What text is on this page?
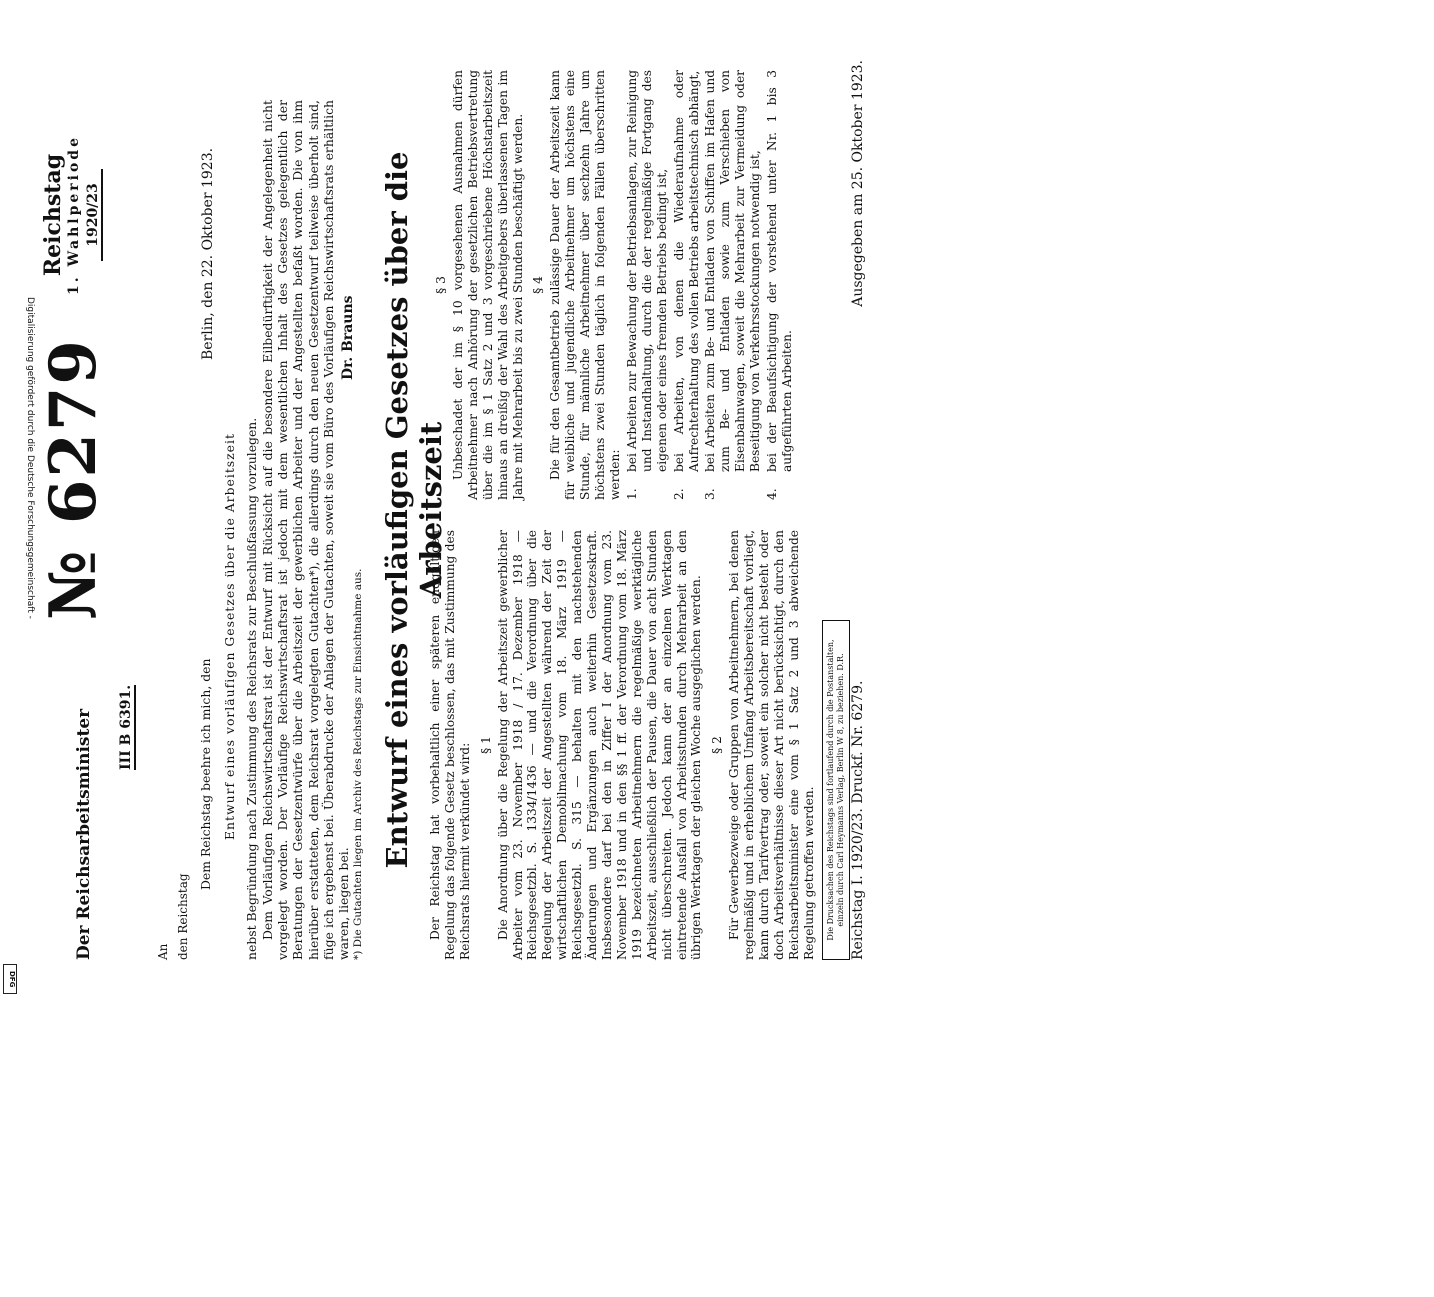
Digitalisierung gefördert durch die Deutsche Forschungsgemeinschaft -
DFG
№ 6279
Reichstag 1. Wahlperiode 1920/23
Der Reichsarbeitsminister III B 6391.
An den Reichstag
Berlin, den 22. Oktober 1923.
Dem Reichstag beehre ich mich, den Entwurf eines vorläufigen Gesetzes über die Arbeitszeit nebst Begründung nach Zustimmung des Reichsrats zur Beschlußfassung vorzulegen. Dem Vorläufigen Reichswirtschaftsrat ist der Entwurf mit Rücksicht auf die besondere Eilbedürftigkeit der Angelegenheit nicht vorgelegt worden. Der Vorläufige Reichswirtschaftsrat ist jedoch mit dem wesentlichen Inhalt des Gesetzes gelegentlich der Beratungen der Gesetzentwürfe über die Arbeitszeit der gewerblichen Arbeiter und der Angestellten befaßt worden. Die von ihm hierüber erstatteten, dem Reichsrat vorgelegten Gutachten*), die allerdings durch den neuen Gesetzentwurf teilweise überholt sind, füge ich ergebenst bei. Überabdrucke der Anlagen der Gutachten, soweit sie vom Büro des Vorläufigen Reichswirtschaftsrats erhältlich waren, liegen bei.
Dr. Brauns
*) Die Gutachten liegen im Archiv des Reichstags zur Einsichtnahme aus. Entwurf eines vorläufigen Gesetzes über die Arbeitszeit
Der Reichstag hat vorbehaltlich einer späteren endgültigen Regelung das folgende Gesetz beschlossen, das mit Zustimmung des Reichsrats hiermit verkündet wird: § 1 Die Anordnung über die Regelung der Arbeitszeit gewerblicher Arbeiter vom 23. November 1918 / 17. Dezember 1918 — Reichsgesetzbl. S. 1334/1436 — und die Verordnung über die Regelung der Arbeitszeit der Angestellten während der Zeit der wirtschaftlichen Demobilmachung vom 18. März 1919 — Reichsgesetzbl. S. 315 — behalten mit den nachstehenden Änderungen und Ergänzungen auch weiterhin Gesetzeskraft. Insbesondere darf bei den in Ziffer I der Anordnung vom 23. November 1918 und in den §§ 1 ff. der Verordnung vom 18. März 1919 bezeichneten Arbeitnehmern die regelmäßige werktägliche Arbeitszeit, ausschließlich der Pausen, die Dauer von acht Stunden nicht überschreiten. Jedoch kann der an einzelnen Werktagen eintretende Ausfall von Arbeitsstunden durch Mehrarbeit an den übrigen Werktagen der gleichen Woche ausgeglichen werden. § 2 Für Gewerbezweige oder Gruppen von Arbeitnehmern, bei denen regelmäßig und in erheblichem Umfang Arbeitsbereitschaft vorliegt, kann durch Tarifvertrag oder, soweit ein solcher nicht besteht oder doch Arbeitsverhältnisse dieser Art nicht berücksichtigt, durch den Reichsarbeitsminister eine vom § 1 Satz 2 und 3 abweichende Regelung getroffen werden.
§ 3 Unbeschadet der im § 10 vorgesehenen Ausnahmen dürfen Arbeitnehmer nach Anhörung der gesetzlichen Betriebsvertretung über die im § 1 Satz 2 und 3 vorgeschriebene Höchstarbeitszeit hinaus an dreißig der Wahl des Arbeitgebers überlassenen Tagen im Jahre mit Mehrarbeit bis zu zwei Stunden beschäftigt werden. § 4 Die für den Gesamtbetrieb zulässige Dauer der Arbeitszeit kann für weibliche und jugendliche Arbeitnehmer um höchstens eine Stunde, für männliche Arbeitnehmer über sechzehn Jahre um höchstens zwei Stunden täglich in folgenden Fällen überschritten werden: 1.
bei Arbeiten zur Bewachung der Betriebsanlagen, zur Reinigung und Instandhaltung, durch die der regelmäßige Fortgang des eigenen oder eines fremden Betriebs bedingt ist,
2.
bei Arbeiten, von denen die Wiederaufnahme oder Aufrechterhaltung des vollen Betriebs arbeitstechnisch abhängt,
3.
bei Arbeiten zum Be- und Entladen von Schiffen im Hafen und zum Be- und Entladen sowie zum Verschieben von Eisenbahnwagen, soweit die Mehrarbeit zur Vermeidung oder Beseitigung von Verkehrsstockungen notwendig ist,
4.
bei der Beaufsichtigung der vorstehend unter Nr. 1 bis 3 aufgeführten Arbeiten.
Die Drucksachen des Reichstags sind fortlaufend durch die Postanstalten, einzeln durch Carl Heymanns Verlag, Berlin W 8, zu beziehen. D.R. Reichstag I. 1920/23. Druckf. Nr. 6279.
Ausgegeben am 25. Oktober 1923.
